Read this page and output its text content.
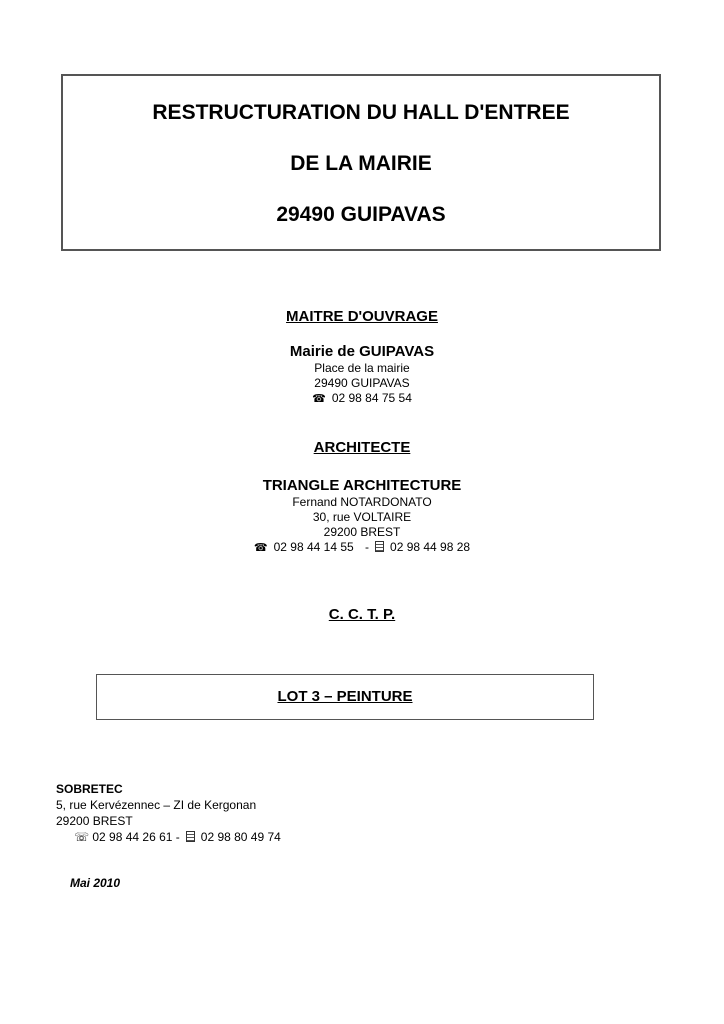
RESTRUCTURATION DU HALL D'ENTREE
DE LA MAIRIE
29490 GUIPAVAS
MAITRE D'OUVRAGE
Mairie de GUIPAVAS
Place de la mairie
29490 GUIPAVAS
☎ 02 98 84 75 54
ARCHITECTE
TRIANGLE ARCHITECTURE
Fernand NOTARDONATO
30, rue VOLTAIRE
29200 BREST
☎ 02 98 44 14 55 - 02 98 44 98 28
C. C. T. P.
LOT 3 – PEINTURE
SOBRETEC
5, rue Kervézennec – ZI de Kergonan
29200 BREST
☏ 02 98 44 26 61 - 02 98 80 49 74
Mai 2010
